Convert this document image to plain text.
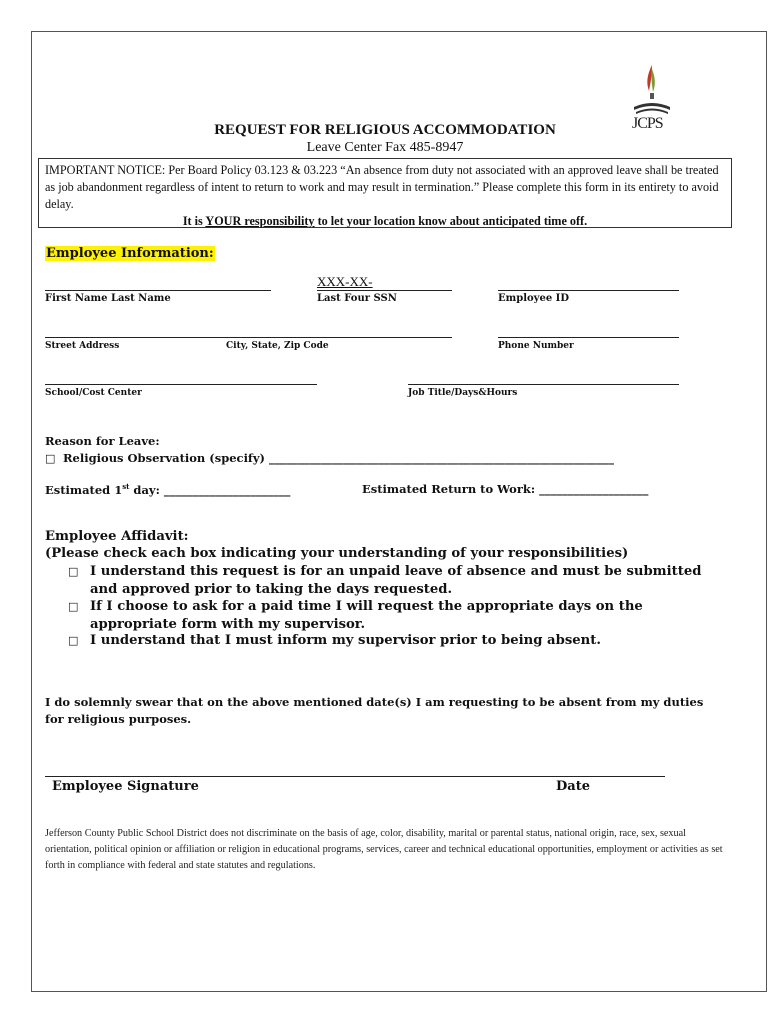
JCPS
REQUEST FOR RELIGIOUS ACCOMMODATION
Leave Center Fax 485-8947
IMPORTANT NOTICE: Per Board Policy 03.123 & 03.223 “An absence from duty not associated with an approved leave shall be treated as job abandonment regardless of intent to return to work and may result in termination.” Please complete this form in its entirety to avoid delay.
It is YOUR responsibility to let your location know about anticipated time off.
Employee Information:
XXX-XX-
First Name Last Name	Last Four SSN	Employee ID
Street Address	City, State, Zip Code	Phone Number
School/Cost Center	Job Title/Days&Hours
Reason for Leave:
□ Religious Observation (specify) ____________________________________________________________
Estimated 1st day: ______________________	Estimated Return to Work: ___________________
Employee Affidavit:
(Please check each box indicating your understanding of your responsibilities)
□ I understand this request is for an unpaid leave of absence and must be submitted and approved prior to taking the days requested.
□ If I choose to ask for a paid time I will request the appropriate days on the appropriate form with my supervisor.
□ I understand that I must inform my supervisor prior to being absent.
I do solemnly swear that on the above mentioned date(s) I am requesting to be absent from my duties for religious purposes.
Employee Signature	Date
Jefferson County Public School District does not discriminate on the basis of age, color, disability, marital or parental status, national origin, race, sex, sexual orientation, political opinion or affiliation or religion in educational programs, services, career and technical educational opportunities, employment or activities as set forth in compliance with federal and state statutes and regulations.
